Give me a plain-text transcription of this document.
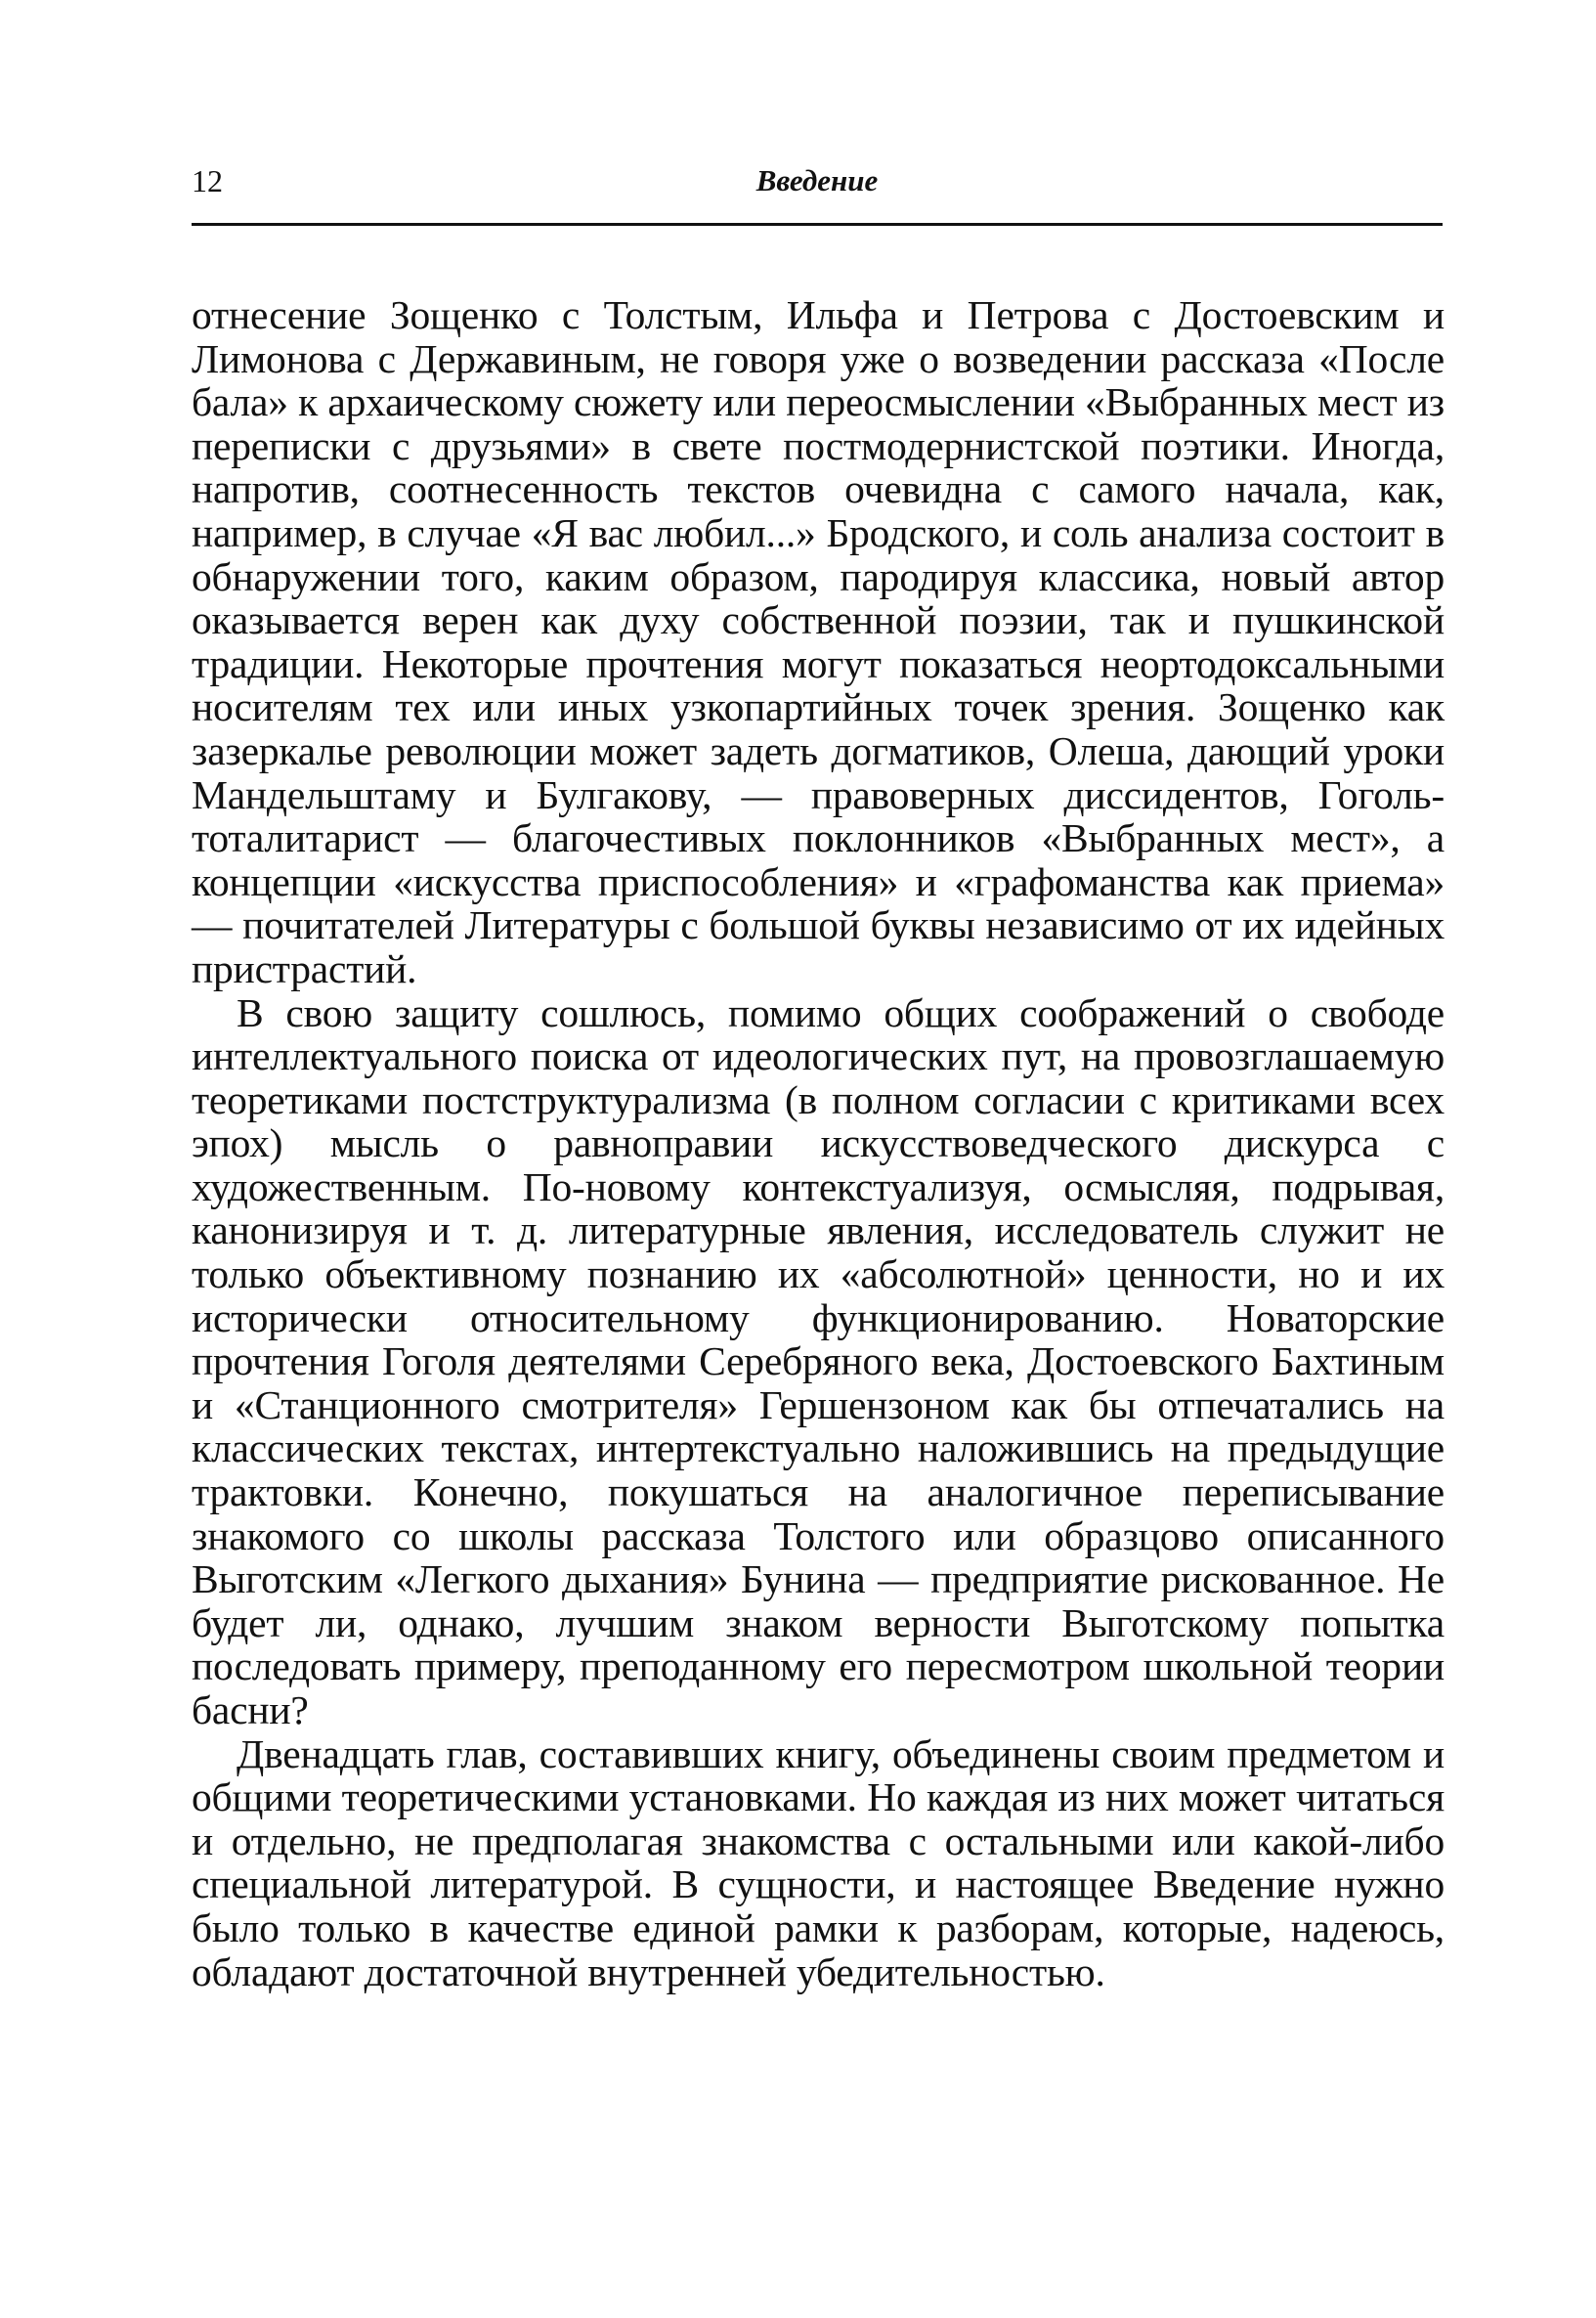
12	Введение

отнесение Зощенко с Толстым, Ильфа и Петрова с Достоевским и Лимонова с Державиным, не говоря уже о возведении рассказа «После бала» к архаическому сюжету или переосмыслении «Выбранных мест из переписки с друзьями» в свете постмодернистской поэтики. Иногда, напротив, соотнесенность текстов очевидна с самого начала, как, например, в случае «Я вас любил...» Бродского, и соль анализа состоит в обнаружении того, каким образом, пародируя классика, новый автор оказывается верен как духу собственной поэзии, так и пушкинской традиции. Некоторые прочтения могут показаться неортодоксальными носителям тех или иных узкопартийных точек зрения. Зощенко как зазеркалье революции может задеть догматиков, Олеша, дающий уроки Мандельштаму и Булгакову, — правоверных диссидентов, Гоголь-тоталитарист — благочестивых поклонников «Выбранных мест», а концепции «искусства приспособления» и «графоманства как приема» — почитателей Литературы с большой буквы независимо от их идейных пристрастий.

В свою защиту сошлюсь, помимо общих соображений о свободе интеллектуального поиска от идеологических пут, на провозглашаемую теоретиками постструктурализма (в полном согласии с критиками всех эпох) мысль о равноправии искусствоведческого дискурса с художественным. По-новому контекстуализуя, осмысляя, подрывая, канонизируя и т. д. литературные явления, исследователь служит не только объективному познанию их «абсолютной» ценности, но и их исторически относительному функционированию. Новаторские прочтения Гоголя деятелями Серебряного века, Достоевского Бахтиным и «Станционного смотрителя» Гершензоном как бы отпечатались на классических текстах, интертекстуально наложившись на предыдущие трактовки. Конечно, покушаться на аналогичное переписывание знакомого со школы рассказа Толстого или образцово описанного Выготским «Легкого дыхания» Бунина — предприятие рискованное. Не будет ли, однако, лучшим знаком верности Выготскому попытка последовать примеру, преподанному его пересмотром школьной теории басни?

Двенадцать глав, составивших книгу, объединены своим предметом и общими теоретическими установками. Но каждая из них может читаться и отдельно, не предполагая знакомства с остальными или какой-либо специальной литературой. В сущности, и настоящее Введение нужно было только в качестве единой рамки к разборам, которые, надеюсь, обладают достаточной внутренней убедительностью.
